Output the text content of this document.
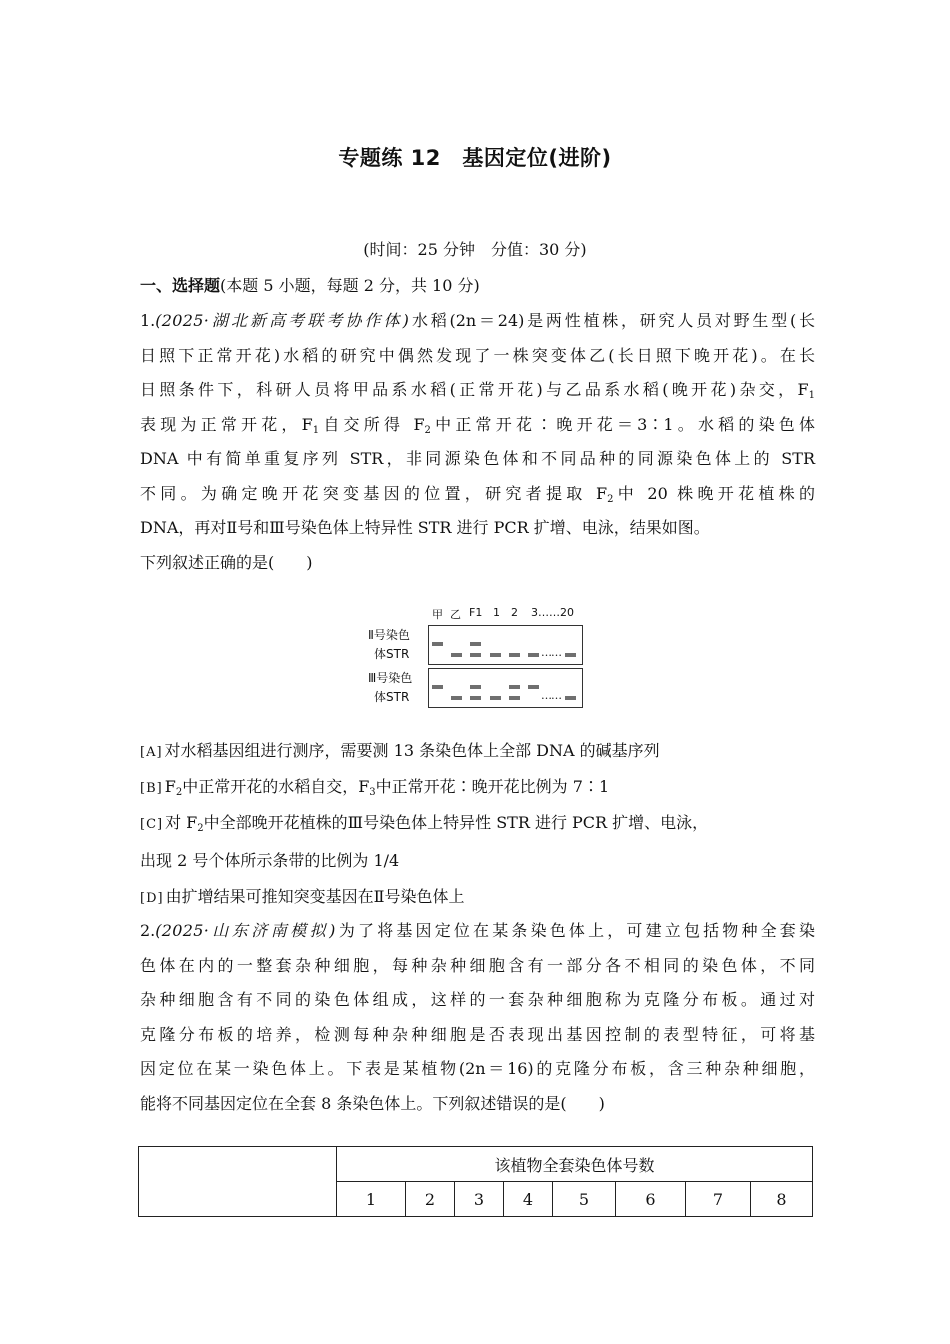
专题练 12　基因定位(进阶)
(时间：25 分钟　分值：30 分)
一、选择题(本题 5 小题，每题 2 分，共 10 分)
1.(2025·湖北新高考联考协作体)水稻(2n＝24)是两性植株，研究人员对野生型(长
日照下正常开花)水稻的研究中偶然发现了一株突变体乙(长日照下晚开花)。在长
日照条件下，科研人员将甲品系水稻(正常开花)与乙品系水稻(晚开花)杂交，$F_1$
表现为正常开花，$F_1$自交所得 $F_2$中正常开花∶晚开花＝3∶1。水稻的染色体
DNA 中有简单重复序列 STR，非同源染色体和不同品种的同源染色体上的 STR
不同。为确定晚开花突变基因的位置，研究者提取 $F_2$中 20 株晚开花植株的
DNA，再对Ⅱ号和Ⅲ号染色体上特异性 STR 进行 PCR 扩增、电泳，结果如图。
下列叙述正确的是(　　)
甲 乙 F1 1 2 3……20
Ⅱ号染色
体STR	……
Ⅲ号染色
体STR	……
[A] 对水稻基因组进行测序，需要测 13 条染色体上全部 DNA 的碱基序列
[B] $F_2$中正常开花的水稻自交，$F_3$中正常开花∶晚开花比例为 7∶1
[C] 对 $F_2$中全部晚开花植株的Ⅲ号染色体上特异性 STR 进行 PCR 扩增、电泳，
出现 2 号个体所示条带的比例为 1/4
[D] 由扩增结果可推知突变基因在Ⅱ号染色体上
2.(2025·山东济南模拟)为了将基因定位在某条染色体上，可建立包括物种全套染
色体在内的一整套杂种细胞，每种杂种细胞含有一部分各不相同的染色体，不同
杂种细胞含有不同的染色体组成，这样的一套杂种细胞称为克隆分布板。通过对
克隆分布板的培养，检测每种杂种细胞是否表现出基因控制的表型特征，可将基
因定位在某一染色体上。下表是某植物(2n＝16)的克隆分布板，含三种杂种细胞，
能将不同基因定位在全套 8 条染色体上。下列叙述错误的是(　　)
	该植物全套染色体号数							
	1	2	3	4	5	6	7	8
